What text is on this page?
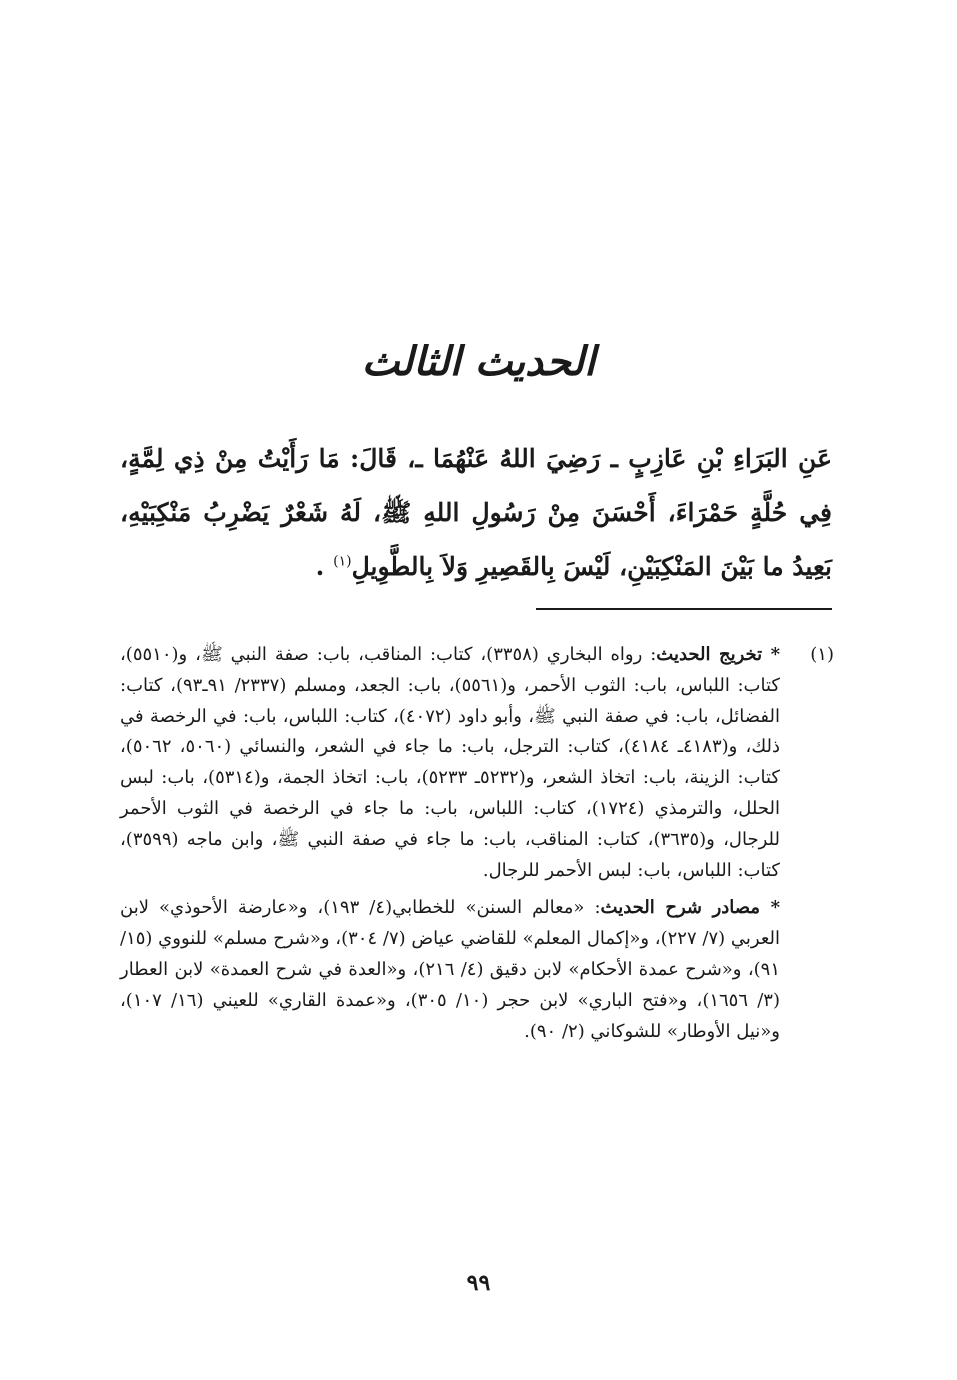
الحديث الثالث

عَنِ البَرَاءِ بْنِ عَازِبٍ ـ رَضِيَ اللهُ عَنْهُمَا ـ، قَالَ: مَا رَأَيْتُ مِنْ ذِي لِمَّةٍ، فِي حُلَّةٍ حَمْرَاءَ، أَحْسَنَ مِنْ رَسُولِ اللهِ ﷺ، لَهُ شَعْرٌ يَضْرِبُ مَنْكِبَيْهِ، بَعِيدُ ما بَيْنَ المَنْكِبَيْنِ، لَيْسَ بِالقَصِيرِ وَلاَ بِالطَّوِيلِ$^{(١)}$ .

(١)
* تخريج الحديث: رواه البخاري (٣٣٥٨)، كتاب: المناقب، باب: صفة النبي ﷺ، و(٥٥١٠)، كتاب: اللباس، باب: الثوب الأحمر، و(٥٥٦١)، باب: الجعد، ومسلم (٢٣٣٧/ ٩١ـ٩٣)، كتاب: الفضائل، باب: في صفة النبي ﷺ، وأبو داود (٤٠٧٢)، كتاب: اللباس، باب: في الرخصة في ذلك، و(٤١٨٣ـ ٤١٨٤)، كتاب: الترجل، باب: ما جاء في الشعر، والنسائي (٥٠٦٠، ٥٠٦٢)، كتاب: الزينة، باب: اتخاذ الشعر، و(٥٢٣٢ـ ٥٢٣٣)، باب: اتخاذ الجمة، و(٥٣١٤)، باب: لبس الحلل، والترمذي (١٧٢٤)، كتاب: اللباس، باب: ما جاء في الرخصة في الثوب الأحمر للرجال، و(٣٦٣٥)، كتاب: المناقب، باب: ما جاء في صفة النبي ﷺ، وابن ماجه (٣٥٩٩)، كتاب: اللباس، باب: لبس الأحمر للرجال.
* مصادر شرح الحديث: «معالم السنن» للخطابي(٤/ ١٩٣)، و«عارضة الأحوذي» لابن العربي (٧/ ٢٢٧)، و«إكمال المعلم» للقاضي عياض (٧/ ٣٠٤)، و«شرح مسلم» للنووي (١٥/ ٩١)، و«شرح عمدة الأحكام» لابن دقيق (٤/ ٢١٦)، و«العدة في شرح العمدة» لابن العطار (٣/ ١٦٥٦)، و«فتح الباري» لابن حجر (١٠/ ٣٠٥)، و«عمدة القاري» للعيني (١٦/ ١٠٧)، و«نيل الأوطار» للشوكاني (٢/ ٩٠).
٩٩
